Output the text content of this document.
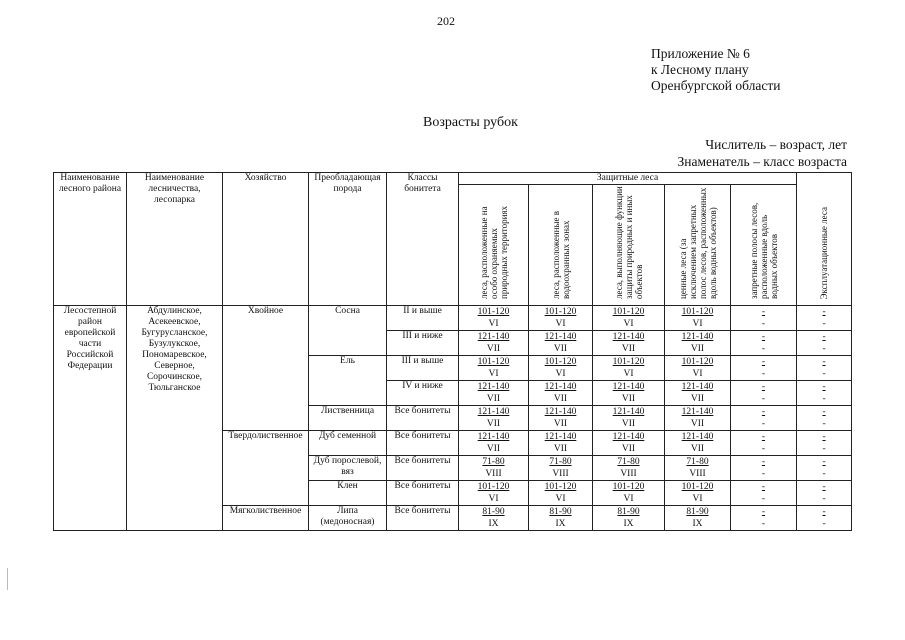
202
Приложение № 6
к Лесному плану
Оренбургской области
Возрасты рубок
Числитель – возраст, лет
Знаменатель – класс возраста
Наименование лесного района	Наименование лесничества, лесопарка	Хозяйство	Преобладающая порода	Классы бонитета	Защитные леса					Эксплуатационные леса
					леса, расположенные на особо охраняемых природных территориях	леса, расположенные в водоохранных зонах	леса, выполняющие функции защиты природных и иных объектов	ценные леса (за исключением запретных полос лесов, расположенных вдоль водных объектов)	запретные полосы лесов, расположенные вдоль водных объектов	
Лесостепной район европейской части Российской Федерации	Абдулинское, Асекеевское, Бугурусланское, Бузулукское, Пономаревское, Северное, Сорочинское, Тюльганское	Хвойное	Сосна	II и выше	$\frac{101-120}{VI}$	$\frac{101-120}{VI}$	$\frac{101-120}{VI}$	$\frac{101-120}{VI}$	$\frac{-}{-}$	$\frac{-}{-}$

				III и ниже	$\frac{121-140}{\text{VII}}$	$\frac{121-140}{\text{VII}}$	$\frac{121-140}{\text{VII}}$	$\frac{121-140}{\text{VII}}$	$\frac{-}{-}$	$\frac{-}{-}$

			Ель	III и выше	$\frac{101-120}{VI}$	$\frac{101-120}{VI}$	$\frac{101-120}{VI}$	$\frac{101-120}{VI}$	$\frac{-}{-}$	$\frac{-}{-}$

				IV и ниже	$\frac{121-140}{\text{VII}}$	$\frac{121-140}{\text{VII}}$	$\frac{121-140}{\text{VII}}$	$\frac{121-140}{\text{VII}}$	$\frac{-}{-}$	$\frac{-}{-}$

			Лиственница	Все бонитеты	$\frac{121-140}{\text{VII}}$	$\frac{121-140}{\text{VII}}$	$\frac{121-140}{\text{VII}}$	$\frac{121-140}{\text{VII}}$	$\frac{-}{-}$	$\frac{-}{-}$

		Твердолиственное	Дуб семенной	Все бонитеты	$\frac{121-140}{\text{VII}}$	$\frac{121-140}{\text{VII}}$	$\frac{121-140}{\text{VII}}$	$\frac{121-140}{\text{VII}}$	$\frac{-}{-}$	$\frac{-}{-}$

			Дуб порослевой, вяз	Все бонитеты	$\frac{71-80}{\text{VIII}}$	$\frac{71-80}{\text{VIII}}$	$\frac{71-80}{\text{VIII}}$	$\frac{71-80}{\text{VIII}}$	$\frac{-}{-}$	$\frac{-}{-}$

			Клен	Все бонитеты	$\frac{101-120}{VI}$	$\frac{101-120}{VI}$	$\frac{101-120}{VI}$	$\frac{101-120}{VI}$	$\frac{-}{-}$	$\frac{-}{-}$

		Мягколиственное	Липа (медоносная)	Все бонитеты	$\frac{81-90}{IX}$	$\frac{81-90}{IX}$	$\frac{81-90}{IX}$	$\frac{81-90}{IX}$	$\frac{-}{-}$	$\frac{-}{-}$
